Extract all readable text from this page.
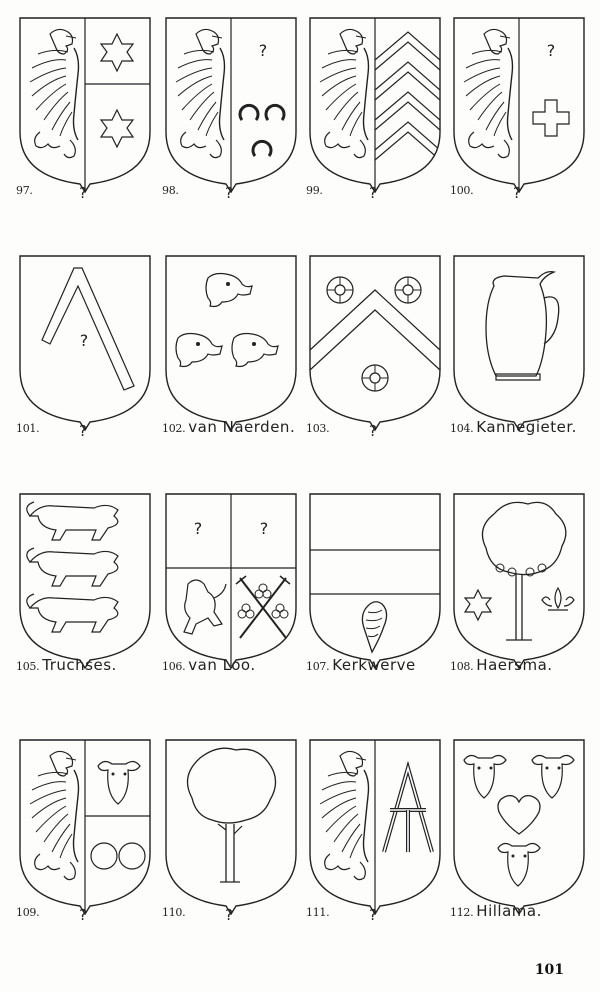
97.	?
?
98.	?	99.	?
?
100.	?
?
101.	?	102. van Naerden. 103.	?	104. Kannegieter.
105. Truchses.
?	?
106. van Loo.	107. Kerkwerve	108. Haersma.
109.	?	110.	?	111.	?	112. Hillama.
101
